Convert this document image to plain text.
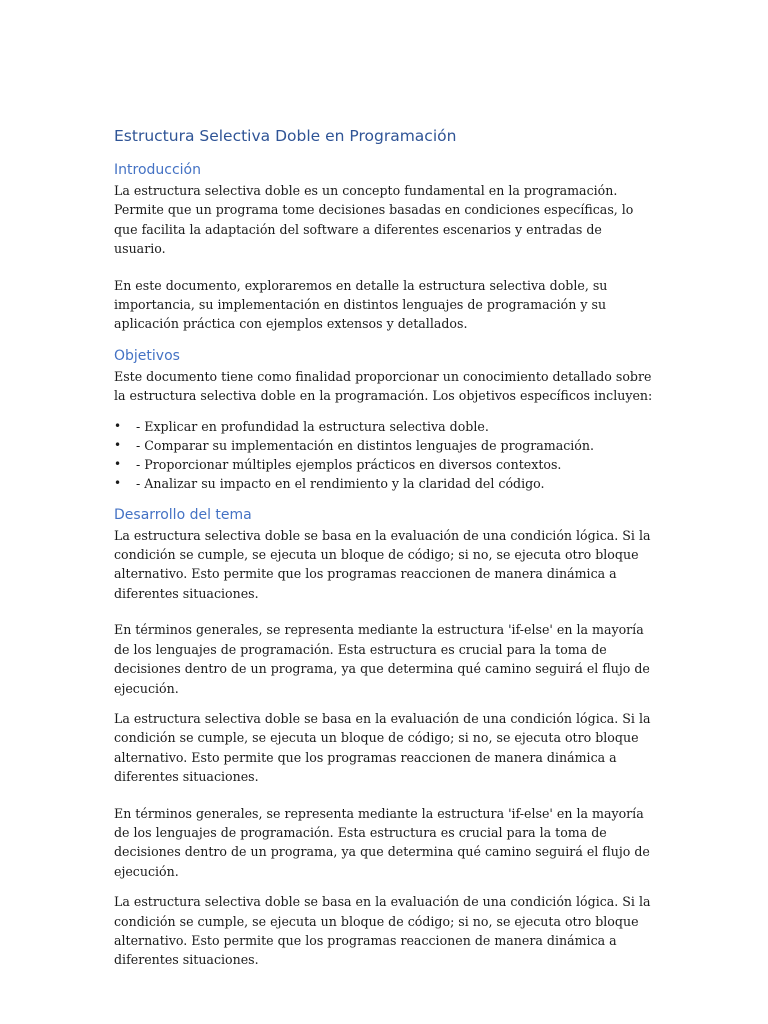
Estructura Selectiva Doble en Programación
Introducción

La estructura selectiva doble es un concepto fundamental en la programación. Permite que un programa tome decisiones basadas en condiciones específicas, lo que facilita la adaptación del software a diferentes escenarios y entradas de usuario.

En este documento, exploraremos en detalle la estructura selectiva doble, su importancia, su implementación en distintos lenguajes de programación y su aplicación práctica con ejemplos extensos y detallados.

Objetivos

Este documento tiene como finalidad proporcionar un conocimiento detallado sobre la estructura selectiva doble en la programación. Los objetivos específicos incluyen:

• - Explicar en profundidad la estructura selectiva doble.
• - Comparar su implementación en distintos lenguajes de programación.
• - Proporcionar múltiples ejemplos prácticos en diversos contextos.
• - Analizar su impacto en el rendimiento y la claridad del código.
Desarrollo del tema

La estructura selectiva doble se basa en la evaluación de una condición lógica. Si la condición se cumple, se ejecuta un bloque de código; si no, se ejecuta otro bloque alternativo. Esto permite que los programas reaccionen de manera dinámica a diferentes situaciones.

En términos generales, se representa mediante la estructura 'if-else' en la mayoría de los lenguajes de programación. Esta estructura es crucial para la toma de decisiones dentro de un programa, ya que determina qué camino seguirá el flujo de ejecución.

La estructura selectiva doble se basa en la evaluación de una condición lógica. Si la condición se cumple, se ejecuta un bloque de código; si no, se ejecuta otro bloque alternativo. Esto permite que los programas reaccionen de manera dinámica a diferentes situaciones.

En términos generales, se representa mediante la estructura 'if-else' en la mayoría de los lenguajes de programación. Esta estructura es crucial para la toma de decisiones dentro de un programa, ya que determina qué camino seguirá el flujo de ejecución.

La estructura selectiva doble se basa en la evaluación de una condición lógica. Si la condición se cumple, se ejecuta un bloque de código; si no, se ejecuta otro bloque alternativo. Esto permite que los programas reaccionen de manera dinámica a diferentes situaciones.
